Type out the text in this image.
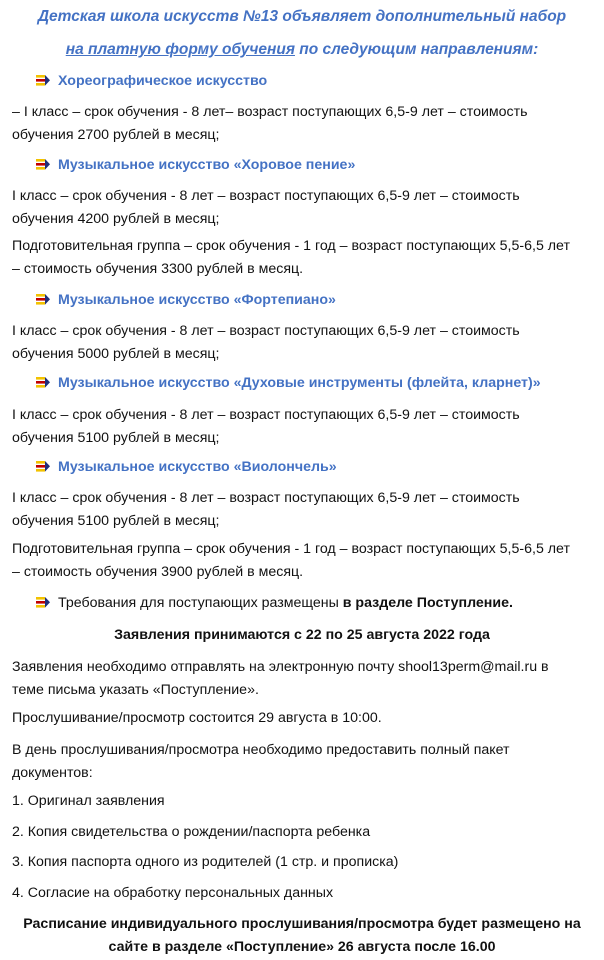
Детская школа искусств №13 объявляет дополнительный набор
на платную форму обучения по следующим направлениям:
Хореографическое искусство
– I класс – срок обучения - 8 лет– возраст поступающих 6,5-9 лет – стоимость
обучения 2700 рублей в месяц;
Музыкальное искусство «Хоровое пение»
I класс – срок обучения - 8 лет – возраст поступающих 6,5-9 лет – стоимость
обучения 4200 рублей в месяц;
Подготовительная группа – срок обучения - 1 год – возраст поступающих 5,5-6,5 лет
– стоимость обучения 3300 рублей в месяц.
Музыкальное искусство «Фортепиано»
I класс – срок обучения - 8 лет – возраст поступающих 6,5-9 лет – стоимость
обучения 5000 рублей в месяц;
Музыкальное искусство «Духовые инструменты (флейта, кларнет)»
I класс – срок обучения - 8 лет – возраст поступающих 6,5-9 лет – стоимость
обучения 5100 рублей в месяц;
Музыкальное искусство «Виолончель»
I класс – срок обучения - 8 лет – возраст поступающих 6,5-9 лет – стоимость
обучения 5100 рублей в месяц;
Подготовительная группа – срок обучения - 1 год – возраст поступающих 5,5-6,5 лет
– стоимость обучения 3900 рублей в месяц.
Требования для поступающих размещены в разделе Поступление.
Заявления принимаются с 22 по 25 августа 2022 года
Заявления необходимо отправлять на электронную почту shool13perm@mail.ru в
теме письма указать «Поступление».
Прослушивание/просмотр состоится 29 августа в 10:00.
В день прослушивания/просмотра необходимо предоставить полный пакет
документов:
1. Оригинал заявления
2. Копия свидетельства о рождении/паспорта ребенка
3. Копия паспорта одного из родителей (1 стр. и прописка)
4. Согласие на обработку персональных данных
Расписание индивидуального прослушивания/просмотра будет размещено на
сайте в разделе «Поступление» 26 августа после 16.00
